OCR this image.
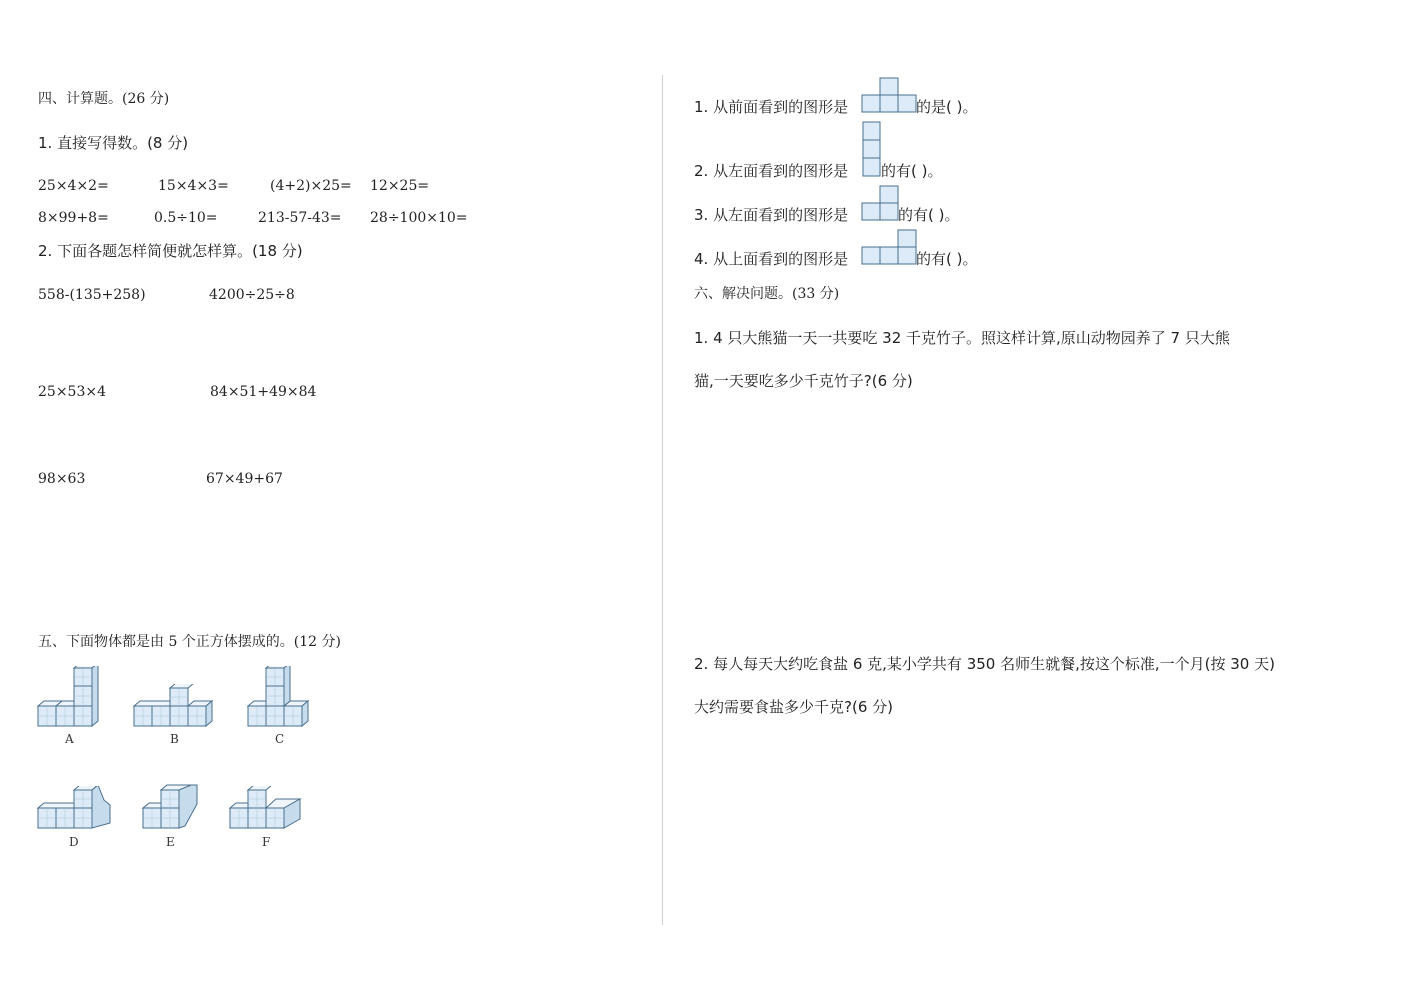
四、计算题。(26 分)
1. 直接写得数。(8 分)
25×4×2=	15×4×3=	(4+2)×25= 12×25=
8×99+8=	0.5÷10=	213-57-43= 28÷100×10=
2. 下面各题怎样简便就怎样算。(18 分)
558-(135+258)	4200÷25÷8
25×53×4	84×51+49×84
98×63	67×49+67
五、下面物体都是由 5 个正方体摆成的。(12 分)
A	B	C
D	E	F
1. 从前面看到的图形是	的是( )。
2. 从左面看到的图形是 的有( )。
3. 从左面看到的图形是	的有( )。
4. 从上面看到的图形是	的有( )。
六、解决问题。(33 分)
1. 4 只大熊猫一天一共要吃 32 千克竹子。照这样计算,原山动物园养了 7 只大熊
猫,一天要吃多少千克竹子?(6 分)
2. 每人每天大约吃食盐 6 克,某小学共有 350 名师生就餐,按这个标准,一个月(按 30 天)
大约需要食盐多少千克?(6 分)
